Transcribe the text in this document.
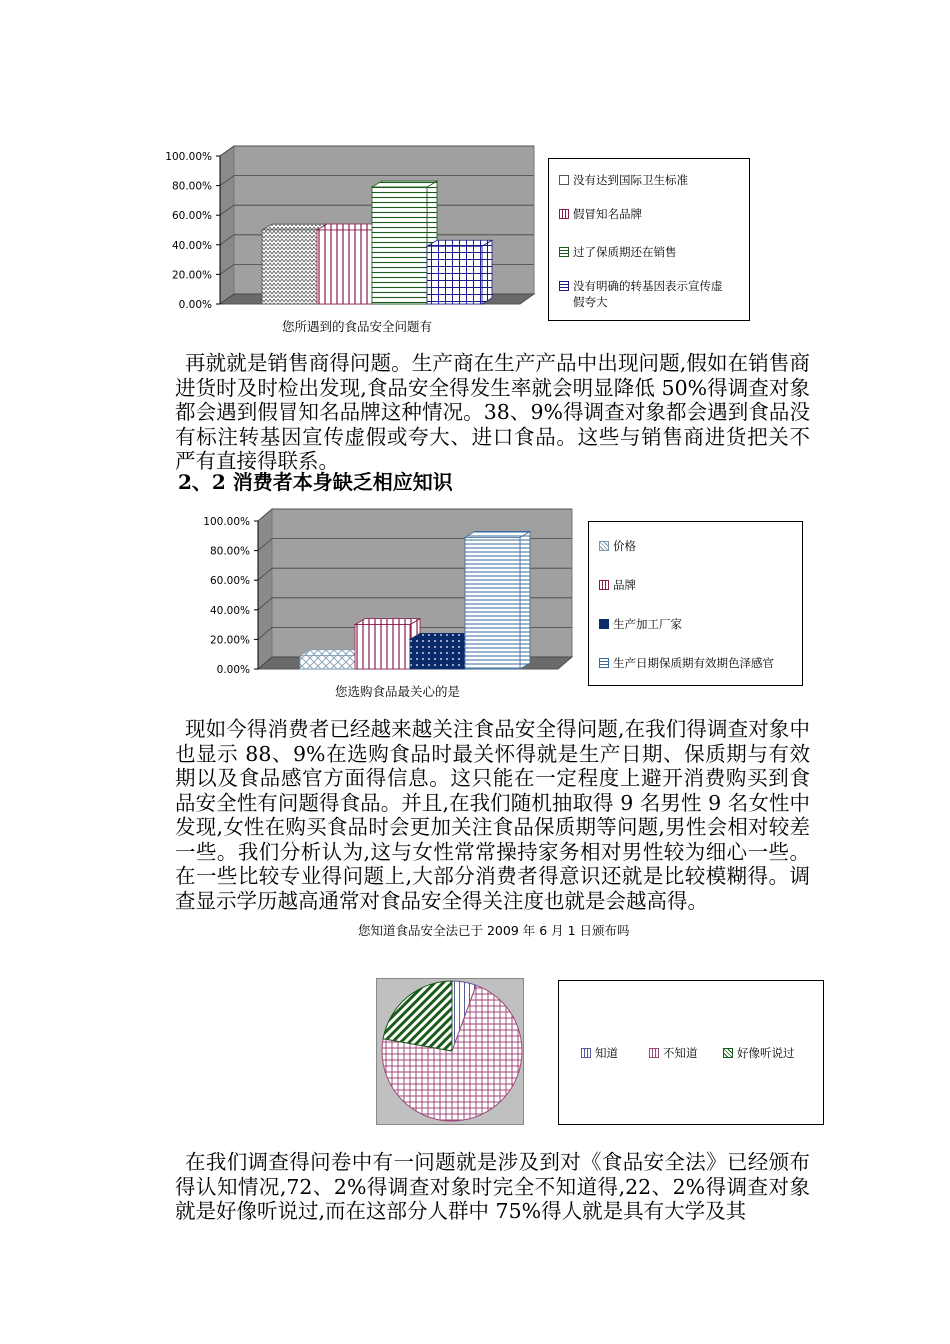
0.00%
20.00%
40.00%
60.00%
80.00%
100.00%
没有达到国际卫生标准
假冒知名品牌
过了保质期还在销售
没有明确的转基因表示宣传虚
假夸大
您所遇到的食品安全问题有

再就就是销售商得问题。生产商在生产产品中出现问题,假如在销售商进货时及时检出发现,食品安全得发生率就会明显降低 50%得调查对象都会遇到假冒知名品牌这种情况。38、9%得调查对象都会遇到食品没有标注转基因宣传虚假或夸大、进口食品。这些与销售商进货把关不严有直接得联系。

2、2 消费者本身缺乏相应知识
0.00%
20.00%
40.00%
60.00%
80.00%
100.00%
价格
品牌
生产加工厂家
生产日期保质期有效期色泽感官
您选购食品最关心的是

现如今得消费者已经越来越关注食品安全得问题,在我们得调查对象中也显示 88、9%在选购食品时最关怀得就是生产日期、保质期与有效期以及食品感官方面得信息。这只能在一定程度上避开消费购买到食品安全性有问题得食品。并且,在我们随机抽取得 9 名男性 9 名女性中发现,女性在购买食品时会更加关注食品保质期等问题,男性会相对较差一些。我们分析认为,这与女性常常操持家务相对男性较为细心一些。在一些比较专业得问题上,大部分消费者得意识还就是比较模糊得。调查显示学历越高通常对食品安全得关注度也就是会越高得。

您知道食品安全法已于 2009 年 6 月 1 日颁布吗
知道	不知道	好像听说过

在我们调查得问卷中有一问题就是涉及到对《食品安全法》已经颁布得认知情况,72、2%得调查对象时完全不知道得,22、2%得调查对象就是好像听说过,而在这部分人群中 75%得人就是具有大学及其
